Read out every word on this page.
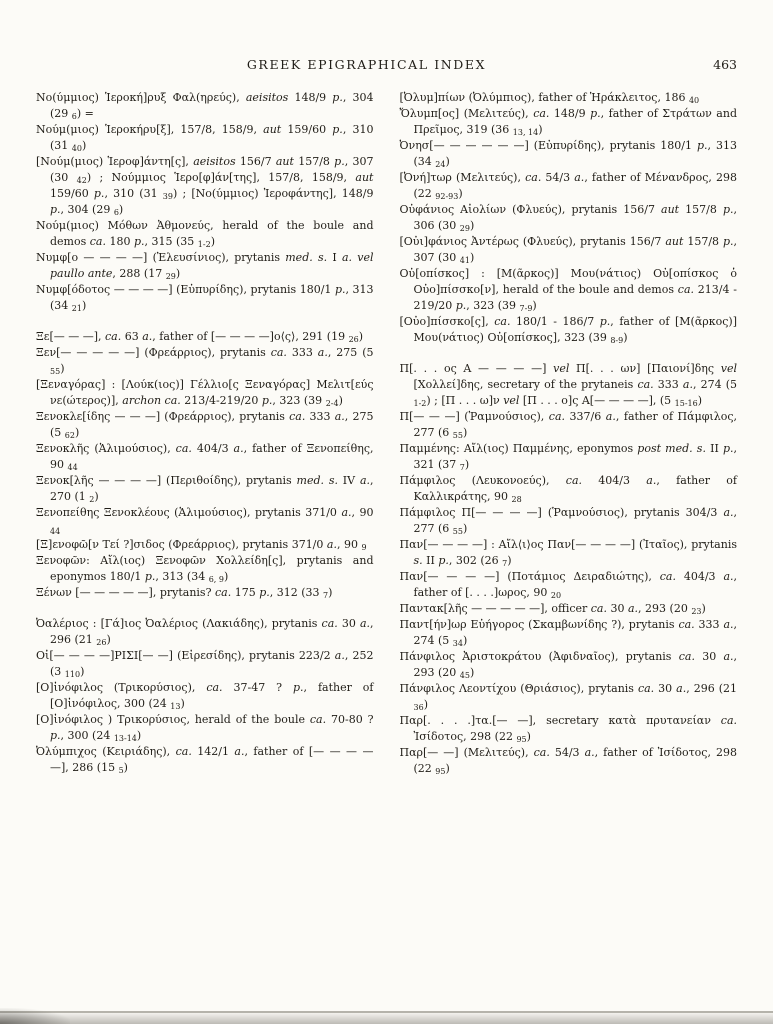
GREEK EPIGRAPHICAL INDEX	463

Νο(ύμμιος) Ἱεροκή]ρυξ Φαλ(ηρεύς), aeisitos 148/9 p., 304 (29 $_6$) =

Νούμ(μιος) Ἱεροκήρυ[ξ], 157/8, 158/9, aut 159/60 p., 310 (31 $_{40}$)

[Νούμ(μιος) Ἱεροφ]άντη[ς], aeisitos 156/7 aut 157/8 p., 307 (30 $_{42}$) ; Νούμμιος Ἱερο[φ]άν[της], 157/8, 158/9, aut 159/60 p., 310 (31 $_{39}$) ; [Νο(ύμμιος) Ἱεροφάντης], 148/9 p., 304 (29 $_6$)

Νούμ(μιος) Μόθων Ἀθμονεύς, herald of the boule and demos ca. 180 p., 315 (35 $_{1-2}$)

Νυμφ[ο — — — —] (Ἐλευσίνιος), prytanis med. s. I a. vel paullo ante, 288 (17 $_{29}$)

Νυμφ[όδοτος — — — —] (Εὐπυρίδης), prytanis 180/1 p., 313 (34 $_{21}$)

Ξε[— — —], ca. 63 a., father of [— — — —]ο⟨ς⟩, 291 (19 $_{26}$)

Ξεν[— — — — —] (Φρεάρριος), prytanis ca. 333 a., 275 (5 $_{55}$)

[Ξεναγόρας] : [Λούκ(ιος)] Γέλλιο[ς Ξεναγόρας] Μελιτ[εύς νε(ώτερος)], archon ca. 213/4-219/20 p., 323 (39 $_{2-4}$)

Ξενοκλε[ίδης — — —] (Φρεάρριος), prytanis ca. 333 a., 275 (5 $_{62}$)

Ξενοκλῆς (Ἁλιμούσιος), ca. 404/3 a., father of Ξενοπείθης, 90 $_{44}$

Ξενοκ[λῆς — — — —] (Περιθοίδης), prytanis med. s. IV a., 270 (1 $_2$)

Ξενοπείθης Ξενοκλέους (Ἁλιμούσιος), prytanis 371/0 a., 90 $_{44}$

[Ξ]ενοφῶ[ν Τεί ?]σιδος (Φρεάρριος), prytanis 371/0 a., 90 $_9$

Ξενοφῶν: Αἴλ(ιος) Ξενοφῶν Χολλείδη[ς], prytanis and eponymos 180/1 p., 313 (34 $_{6, 9}$)

Ξένων [— — — — —], prytanis? ca. 175 p., 312 (33 $_7$)

Ὀαλέριος : [Γά]ιος Ὀαλέριος (Λακιάδης), prytanis ca. 30 a., 296 (21 $_{26}$)

Οἰ[— — — —]ΡΙΣΙ[— —] (Εἰρεσίδης), prytanis 223/2 a., 252 (3 $_{110}$)

[Ο]ἰνόφιλος (Τρικορύσιος), ca. 37-47 ? p., father of [Ο]ἰνόφιλος, 300 (24 $_{13}$)

[Ο]ἰνόφιλος ) Τρικορύσιος, herald of the boule ca. 70-80 ? p., 300 (24 $_{13-14}$)

Ὀλύμπιχος (Κειριάδης), ca. 142/1 a., father of [— — — — —], 286 (15 $_5$)

[Ὀλυμ]πίων (Ὀλύμπιος), father of Ἡράκλειτος, 186 $_{40}$

Ὄλυμπ[ος] (Μελιτεύς), ca. 148/9 p., father of Στράτων and Πρεῖμος, 319 (36 $_{13, 14}$)

Ὀνησ[— — — — — —] (Εὐπυρίδης), prytanis 180/1 p., 313 (34 $_{24}$)

[Ὀνή]τωρ (Μελιτεύς), ca. 54/3 a., father of Μένανδρος, 298 (22 $_{92-93}$)

Οὐφάνιος Αἰολίων (Φλυεύς), prytanis 156/7 aut 157/8 p., 306 (30 $_{29}$)

[Οὐι]φάνιος Ἀντέρως (Φλυεύς), prytanis 156/7 aut 157/8 p., 307 (30 $_{41}$)

Οὐ[οπίσκος] : [Μ(ᾶρκος)] Μου(νάτιος) Οὐ[οπίσκος ὁ Οὐο]πίσσκο[ν], herald of the boule and demos ca. 213/4 - 219/20 p., 323 (39 $_{7-9}$)

[Οὐο]πίσσκο[ς], ca. 180/1 - 186/7 p., father of [Μ(ᾶρκος)] Μου(νάτιος) Οὐ[οπίσκος], 323 (39 $_{8-9}$)

Π[. . . ος Α — — — —] vel Π[. . . ων] [Παιονί]δης vel [Χολλεί]δης, secretary of the prytaneis ca. 333 a., 274 (5 $_{1-2}$) ; [Π . . . ω]ν vel [Π . . . ο]ς Α[— — — —], (5 $_{15-16}$)

Π[— — —] (Ῥαμνούσιος), ca. 337/6 a., father of Πάμφιλος, 277 (6 $_{55}$)

Παμμένης: Αἴλ(ιος) Παμμένης, eponymos post med. s. II p., 321 (37 $_7$)

Πάμφιλος (Λευκονοεύς), ca. 404/3 a., father of Καλλικράτης, 90 $_{28}$

Πάμφιλος Π[— — — —] (Ῥαμνούσιος), prytanis 304/3 a., 277 (6 $_{55}$)

Παν[— — — —] : Αἴλ⟨ι⟩ος Παν[— — — —] (Ἰταῖος), prytanis s. II p., 302 (26 $_7$)

Παν[— — — —] (Ποτάμιος Δειραδιώτης), ca. 404/3 a., father of [. . . .]ωρος, 90 $_{20}$

Παντακ[λῆς — — — — —], officer ca. 30 a., 293 (20 $_{23}$)

Παντ[ήν]ωρ Εὐήγορος (Σκαμβωνίδης ?), prytanis ca. 333 a., 274 (5 $_{34}$)

Πάνφιλος Ἀριστοκράτου (Ἀφιδναῖος), prytanis ca. 30 a., 293 (20 $_{45}$)

Πάνφιλος Λεοντίχου (Θριάσιος), prytanis ca. 30 a., 296 (21 $_{36}$)

Παρ[. . . .]τα.[— —], secretary κατὰ πρυτανείαν ca. Ἰσίδοτος, 298 (22 $_{95}$)

Παρ[— —] (Μελιτεύς), ca. 54/3 a., father of Ἰσίδοτος, 298 (22 $_{95}$)
